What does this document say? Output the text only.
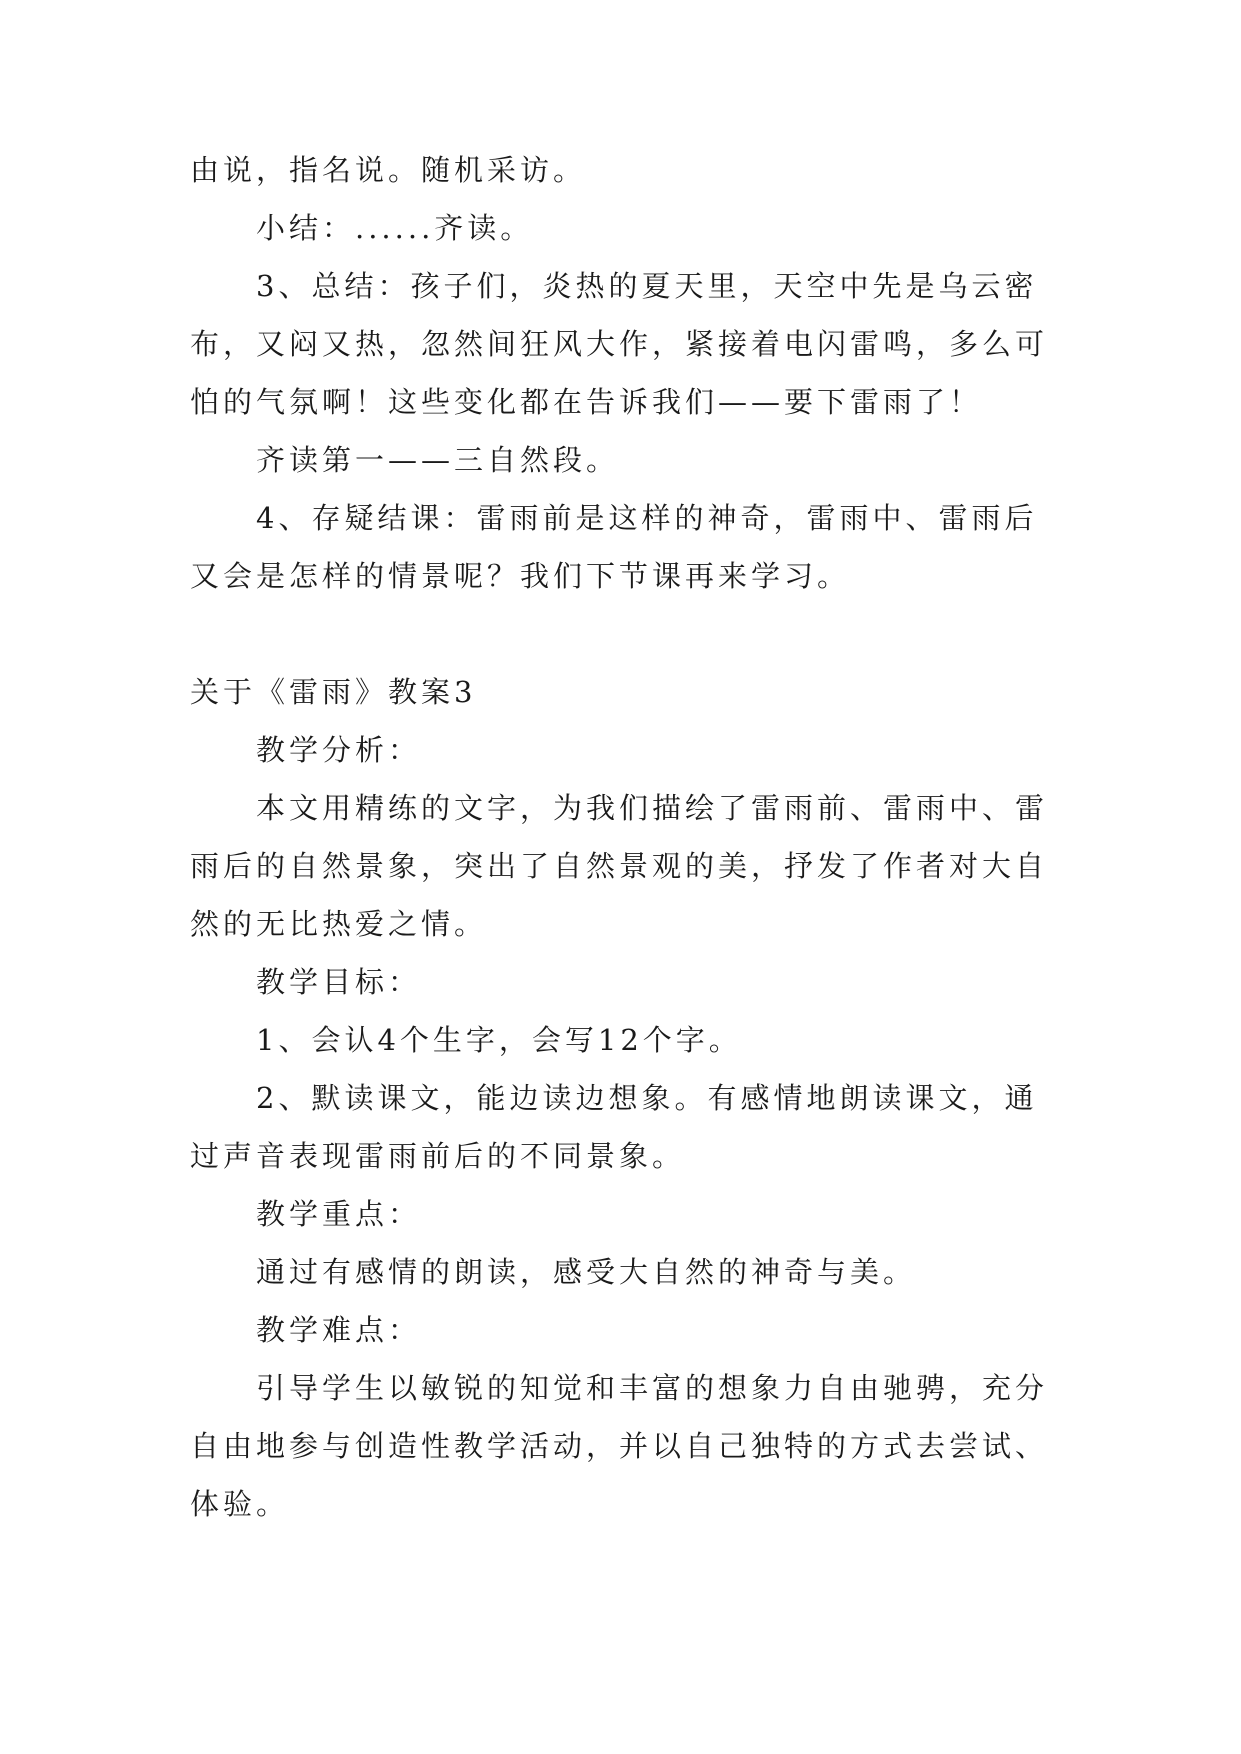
由说，指名说。随机采访。
小结：......齐读。
3、总结：孩子们，炎热的夏天里，天空中先是乌云密
布，又闷又热，忽然间狂风大作，紧接着电闪雷鸣，多么可
怕的气氛啊！这些变化都在告诉我们——要下雷雨了！
齐读第一——三自然段。
4、存疑结课：雷雨前是这样的神奇，雷雨中、雷雨后
又会是怎样的情景呢？我们下节课再来学习。
关于《雷雨》教案3
教学分析：
本文用精练的文字，为我们描绘了雷雨前、雷雨中、雷
雨后的自然景象，突出了自然景观的美，抒发了作者对大自
然的无比热爱之情。
教学目标：
1、会认4个生字，会写12个字。
2、默读课文，能边读边想象。有感情地朗读课文，通
过声音表现雷雨前后的不同景象。
教学重点：
通过有感情的朗读，感受大自然的神奇与美。
教学难点：
引导学生以敏锐的知觉和丰富的想象力自由驰骋，充分
自由地参与创造性教学活动，并以自己独特的方式去尝试、
体验。
